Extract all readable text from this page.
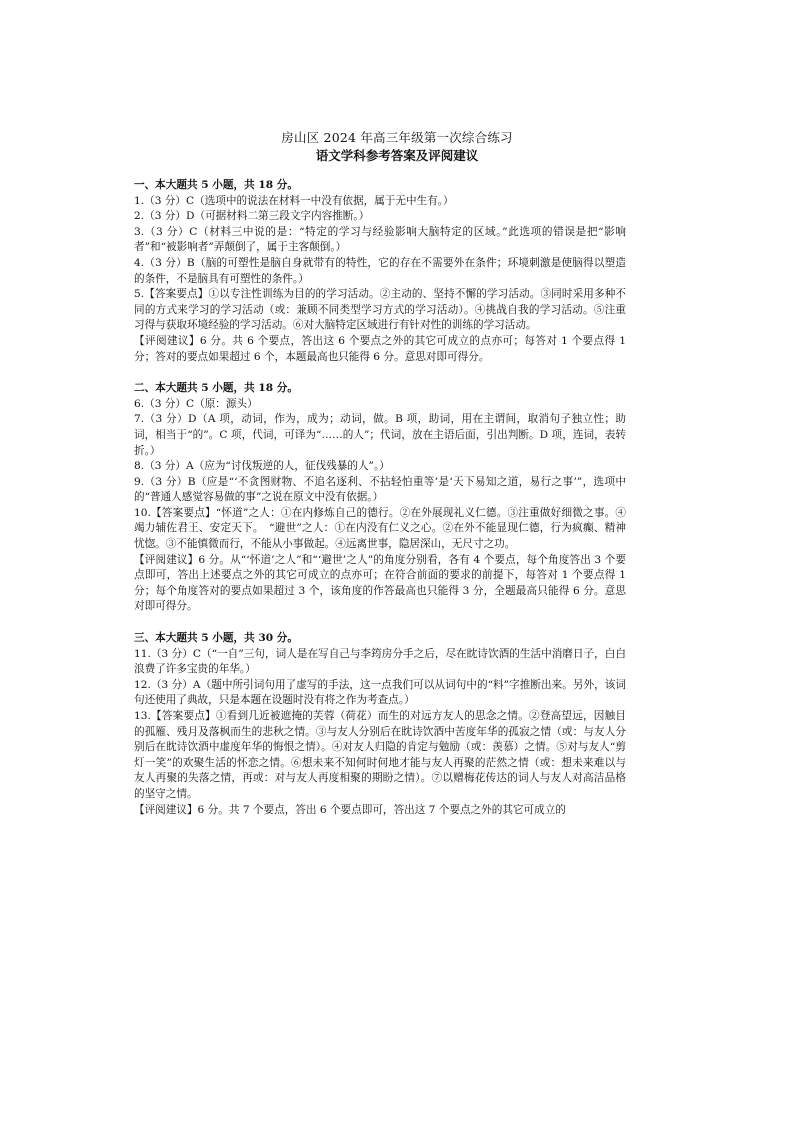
房山区 2024 年高三年级第一次综合练习
语文学科参考答案及评阅建议

一、本大题共 5 小题，共 18 分。

1.（3 分）C（选项中的说法在材料一中没有依据，属于无中生有。）

2.（3 分）D（可据材料二第三段文字内容推断。）

3.（3 分）C（材料三中说的是：“特定的学习与经验影响大脑特定的区域。”此选项的错误是把“影响者”和“被影响者”弄颠倒了，属于主客颠倒。）

4.（3 分）B（脑的可塑性是脑自身就带有的特性，它的存在不需要外在条件；环境刺激是使脑得以塑造的条件，不是脑具有可塑性的条件。）

5.【答案要点】①以专注性训练为目的的学习活动。②主动的、坚持不懈的学习活动。③同时采用多种不同的方式来学习的学习活动（或：兼顾不同类型学习方式的学习活动）。④挑战自我的学习活动。⑤注重习得与获取环境经验的学习活动。⑥对大脑特定区域进行有针对性的训练的学习活动。

【评阅建议】6 分。共 6 个要点，答出这 6 个要点之外的其它可成立的点亦可；每答对 1 个要点得 1 分；答对的要点如果超过 6 个，本题最高也只能得 6 分。意思对即可得分。

二、本大题共 5 小题，共 18 分。

6.（3 分）C（原：源头）

7.（3 分）D（A 项，动词，作为，成为；动词，做。B 项，助词，用在主谓间，取消句子独立性；助词，相当于“的”。C 项，代词，可译为“……的人”；代词，放在主语后面，引出判断。D 项，连词，表转折。）

8.（3 分）A（应为“讨伐叛逆的人，征伐残暴的人”。）

9.（3 分）B（应是“‘不贪图财物、不追名逐利、不拈轻怕重等’是‘天下易知之道，易行之事’”，选项中的“普通人感觉容易做的事”之说在原文中没有依据。）

10.【答案要点】“怀道”之人：①在内修炼自己的德行。②在外展现礼义仁德。③注重做好细微之事。④竭力辅佐君王、安定天下。　“避世”之人：①在内没有仁义之心。②在外不能显现仁德，行为疯癫、精神忧惚。③不能慎微而行，不能从小事做起。④远离世事，隐居深山，无尺寸之功。

【评阅建议】6 分。从“‘怀道’之人”和“‘避世’之人”的角度分别看，各有 4 个要点，每个角度答出 3 个要点即可，答出上述要点之外的其它可成立的点亦可；在符合前面的要求的前提下，每答对 1 个要点得 1 分；每个角度答对的要点如果超过 3 个，该角度的作答最高也只能得 3 分，全题最高只能得 6 分。意思对即可得分。

三、本大题共 5 小题，共 30 分。

11.（3 分）C（“一自”三句，词人是在写自己与李筠房分手之后，尽在眈诗饮酒的生活中消磨日子，白白浪费了许多宝贵的年华。）

12.（3 分）A（题中所引词句用了虚写的手法，这一点我们可以从词句中的“料”字推断出来。另外，该词句还使用了典故，只是本题在设题时没有将之作为考查点。）

13.【答案要点】①看到几近被遮掩的芙蓉（荷花）而生的对远方友人的思念之情。②登高望远，因触目的孤雁、残月及落枫而生的悲秋之情。③与友人分别后在眈诗饮酒中苦度年华的孤寂之情（或：与友人分别后在眈诗饮酒中虚度年华的悔恨之情）。④对友人归隐的肯定与勉励（或：羡慕）之情。⑤对与友人“剪灯一笑”的欢聚生活的怀恋之情。⑥想未来不知何时何地才能与友人再聚的茫然之情（或：想未来难以与友人再聚的失落之情，再或：对与友人再度相聚的期盼之情）。⑦以赠梅花传达的词人与友人对高洁品格的坚守之情。

【评阅建议】6 分。共 7 个要点，答出 6 个要点即可，答出这 7 个要点之外的其它可成立的
